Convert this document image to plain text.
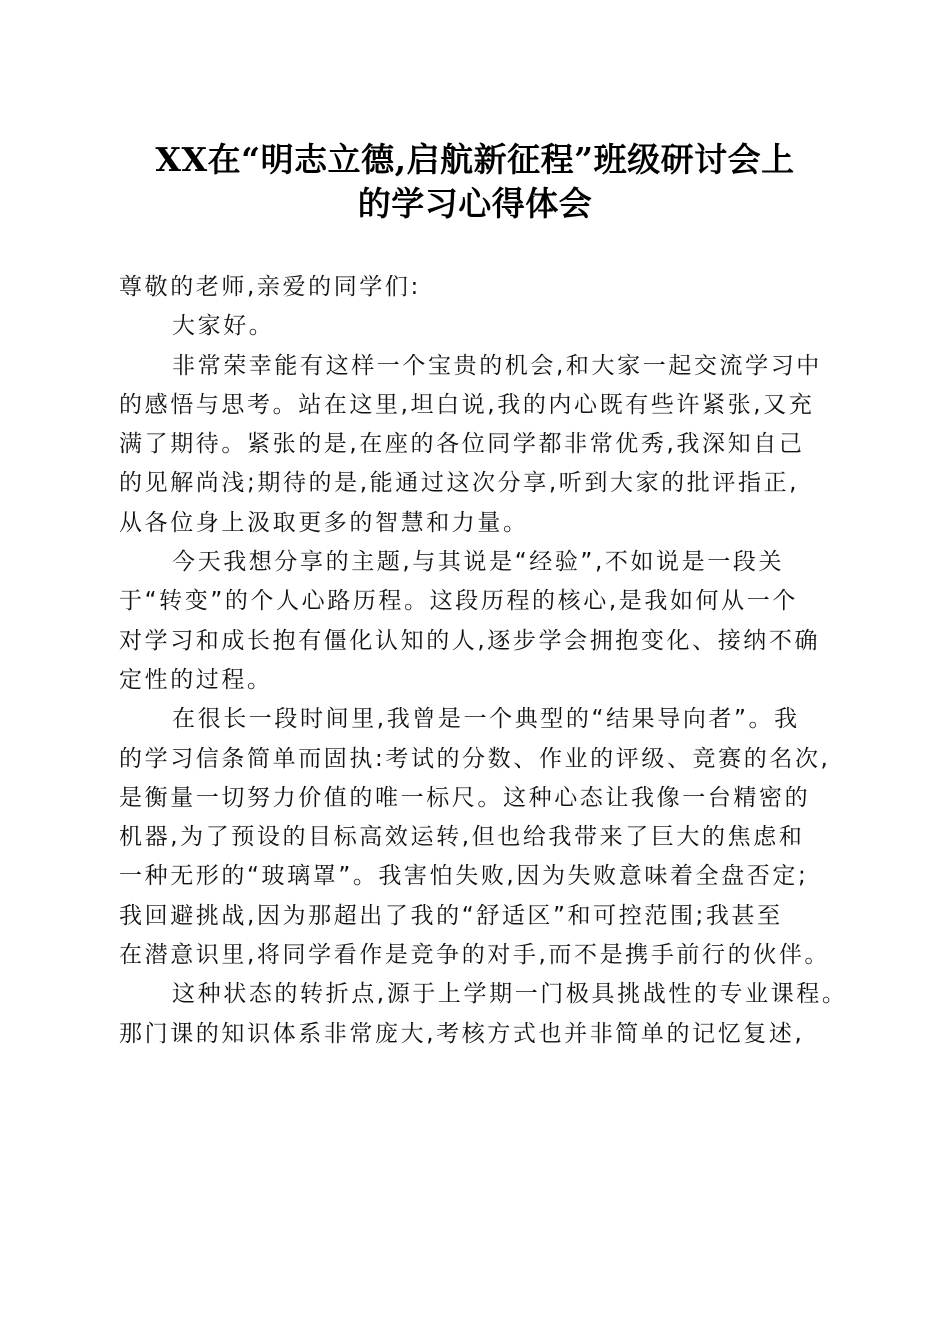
XX在“明志立德,启航新征程”班级研讨会上
的学习心得体会
尊敬的老师,亲爱的同学们:
大家好。
非常荣幸能有这样一个宝贵的机会,和大家一起交流学习中
的感悟与思考。站在这里,坦白说,我的内心既有些许紧张,又充
满了期待。紧张的是,在座的各位同学都非常优秀,我深知自己
的见解尚浅;期待的是,能通过这次分享,听到大家的批评指正,
从各位身上汲取更多的智慧和力量。
今天我想分享的主题,与其说是“经验”,不如说是一段关
于“转变”的个人心路历程。这段历程的核心,是我如何从一个
对学习和成长抱有僵化认知的人,逐步学会拥抱变化、接纳不确
定性的过程。
在很长一段时间里,我曾是一个典型的“结果导向者”。我
的学习信条简单而固执:考试的分数、作业的评级、竞赛的名次,
是衡量一切努力价值的唯一标尺。这种心态让我像一台精密的
机器,为了预设的目标高效运转,但也给我带来了巨大的焦虑和
一种无形的“玻璃罩”。我害怕失败,因为失败意味着全盘否定;
我回避挑战,因为那超出了我的“舒适区”和可控范围;我甚至
在潜意识里,将同学看作是竞争的对手,而不是携手前行的伙伴。
这种状态的转折点,源于上学期一门极具挑战性的专业课程。
那门课的知识体系非常庞大,考核方式也并非简单的记忆复述,
